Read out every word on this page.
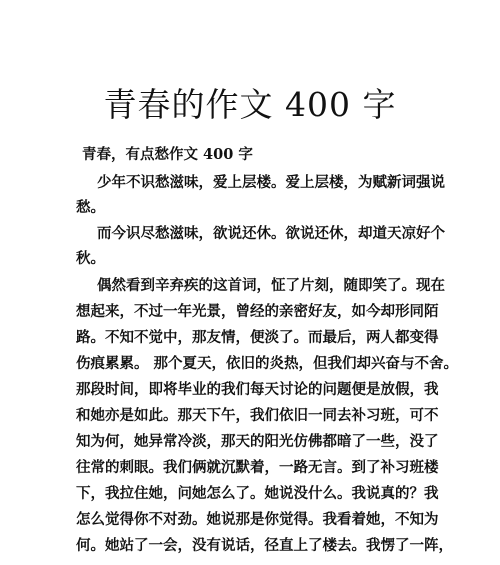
青春的作文 400 字

青春，有点愁作文 400 字

少年不识愁滋味，爱上层楼。爱上层楼，为赋新词强说

愁。

而今识尽愁滋味，欲说还休。欲说还休，却道天凉好个

秋。

偶然看到辛弃疾的这首词，怔了片刻，随即笑了。现在

想起来，不过一年光景，曾经的亲密好友，如今却形同陌

路。不知不觉中，那友情，便淡了。而最后，两人都变得

伤痕累累。 那个夏天，依旧的炎热，但我们却兴奋与不舍。

那段时间，即将毕业的我们每天讨论的问题便是放假，我

和她亦是如此。那天下午，我们依旧一同去补习班，可不

知为何，她异常冷淡，那天的阳光仿佛都暗了一些，没了

往常的刺眼。我们俩就沉默着，一路无言。到了补习班楼

下，我拉住她，问她怎么了。她说没什么。我说真的？我

怎么觉得你不对劲。她说那是你觉得。我看着她，不知为

何。她站了一会，没有说话，径直上了楼去。我愣了一阵，
